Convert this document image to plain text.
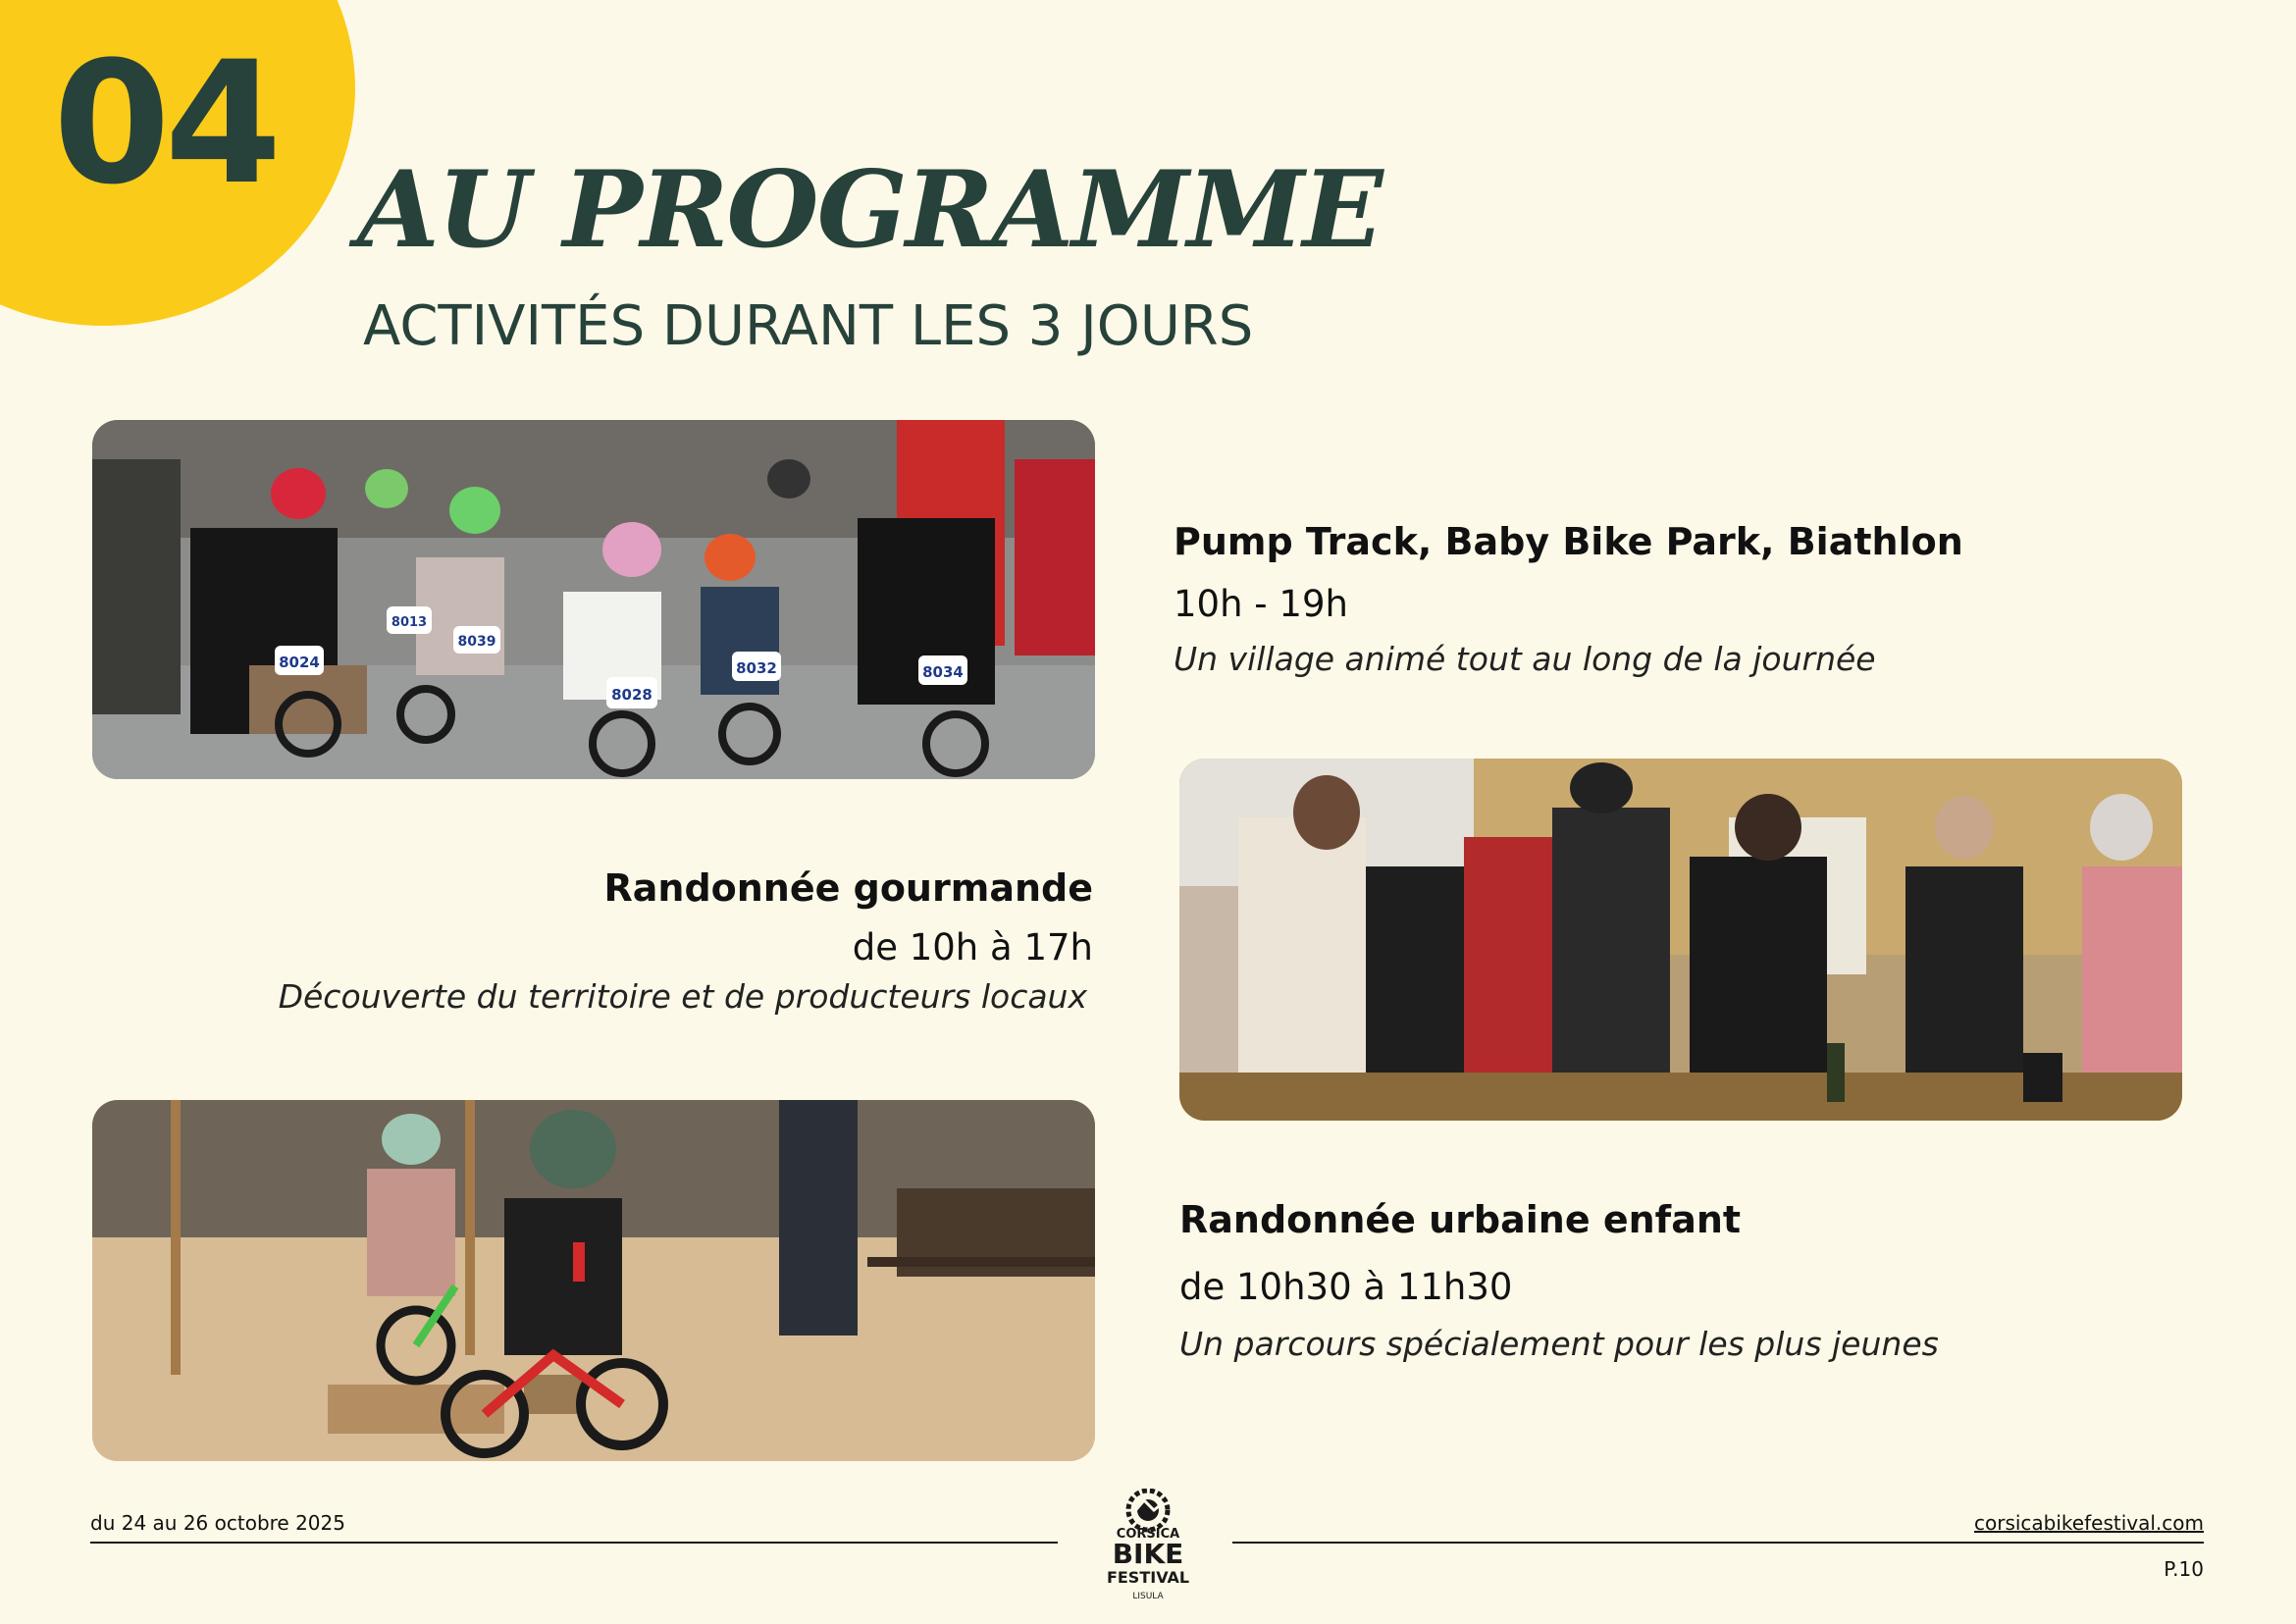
04 AU PROGRAMME
ACTIVITÉS DURANT LES 3 JOURS
8024
8013
8039
8028
8032	8034
Pump Track, Baby Bike Park, Biathlon
10h - 19h
Un village animé tout au long de la journée
Randonnée gourmande
de 10h à 17h
Découverte du territoire et de producteurs locaux
Randonnée urbaine enfant
de 10h30 à 11h30
Un parcours spécialement pour les plus jeunes
du 24 au 26 octobre 2025	corsicabikefestival.com
P.10
CORSICA
BIKE
FESTIVAL
LISULA
